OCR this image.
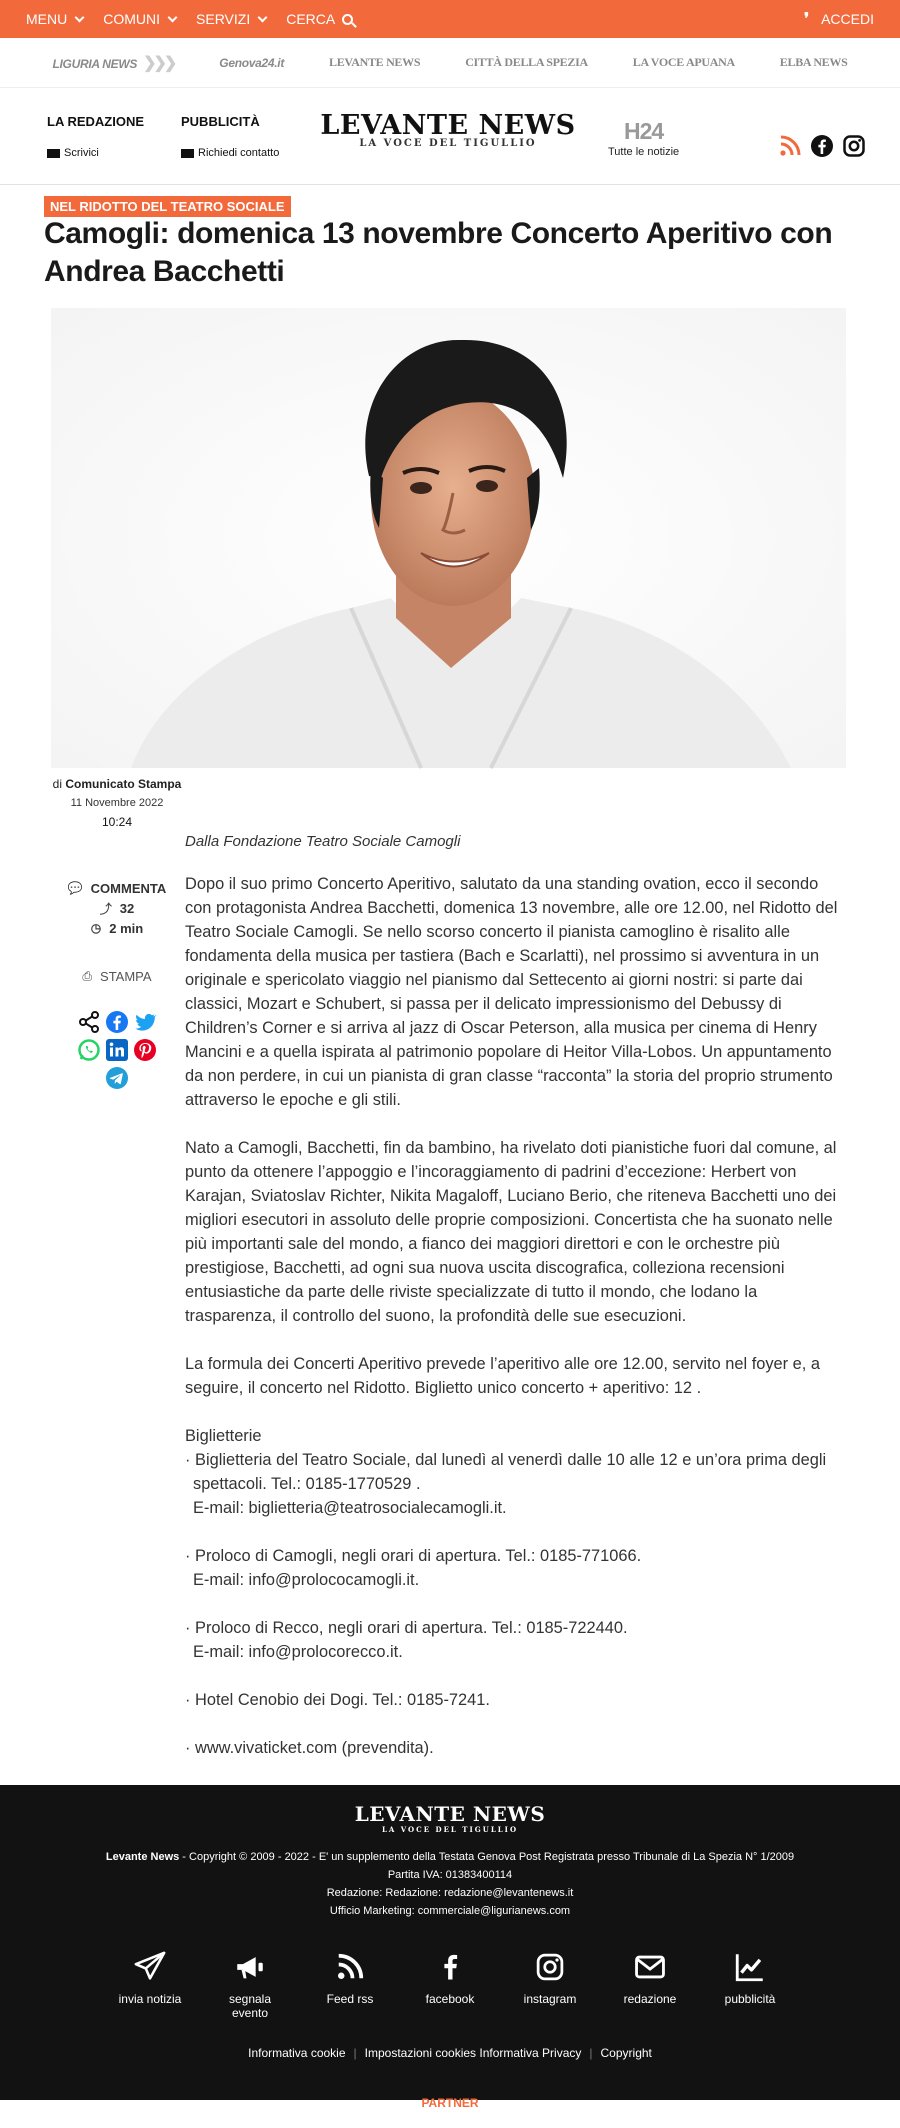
MENU	COMUNI	SERVIZI	CERCA	❜ ACCEDI
LIGURIA NEWS ❯❯❯	Genova24.it	LEVANTE NEWS	CITTÀ DELLA SPEZIA	LA VOCE APUANA	ELBA NEWS
LA REDAZIONE
Scrivici
PUBBLICITÀ
Richiedi contatto
LEVANTE NEWS
LA VOCE DEL TIGULLIO	H24
Tutte le notizie
NEL RIDOTTO DEL TEATRO SOCIALE
Camogli: domenica 13 novembre Concerto Aperitivo con Andrea Bacchetti
di Comunicato Stampa
11 Novembre 2022
10:24
💬 COMMENTA
⤴ 32
◷ 2 min
⎙ STAMPA

Dalla Fondazione Teatro Sociale Camogli

Dopo il suo primo Concerto Aperitivo, salutato da una standing ovation, ecco il secondo con protagonista Andrea Bacchetti, domenica 13 novembre, alle ore 12.00, nel Ridotto del Teatro Sociale Camogli. Se nello scorso concerto il pianista camoglino è risalito alle fondamenta della musica per tastiera (Bach e Scarlatti), nel prossimo si avventura in un originale e spericolato viaggio nel pianismo dal Settecento ai giorni nostri: si parte dai classici, Mozart e Schubert, si passa per il delicato impressionismo del Debussy di Children’s Corner e si arriva al jazz di Oscar Peterson, alla musica per cinema di Henry Mancini e a quella ispirata al patrimonio popolare di Heitor Villa-Lobos. Un appuntamento da non perdere, in cui un pianista di gran classe “racconta” la storia del proprio strumento attraverso le epoche e gli stili.

Nato a Camogli, Bacchetti, fin da bambino, ha rivelato doti pianistiche fuori dal comune, al punto da ottenere l’appoggio e l’incoraggiamento di padrini d’eccezione: Herbert von Karajan, Sviatoslav Richter, Nikita Magaloff, Luciano Berio, che riteneva Bacchetti uno dei migliori esecutori in assoluto delle proprie composizioni. Concertista che ha suonato nelle più importanti sale del mondo, a fianco dei maggiori direttori e con le orchestre più prestigiose, Bacchetti, ad ogni sua nuova uscita discografica, colleziona recensioni entusiastiche da parte delle riviste specializzate di tutto il mondo, che lodano la trasparenza, il controllo del suono, la profondità delle sue esecuzioni.

La formula dei Concerti Aperitivo prevede l’aperitivo alle ore 12.00, servito nel foyer e, a seguire, il concerto nel Ridotto. Biglietto unico concerto + aperitivo: 12 .

Biglietterie

· Biglietteria del Teatro Sociale, dal lunedì al venerdì dalle 10 alle 12 e un’ora prima degli

spettacoli. Tel.: 0185-1770529 .

E-mail: biglietteria@teatrosocialecamogli.it.

· Proloco di Camogli, negli orari di apertura. Tel.: 0185-771066.

E-mail: info@prolococamogli.it.

· Proloco di Recco, negli orari di apertura. Tel.: 0185-722440.

E-mail: info@prolocorecco.it.

· Hotel Cenobio dei Dogi. Tel.: 0185-7241.

· www.vivaticket.com (prevendita).

LEVANTE NEWS
LA VOCE DEL TIGULLIO
Levante News - Copyright © 2009 - 2022 - E' un supplemento della Testata Genova Post Registrata presso Tribunale di La Spezia N° 1/2009
Partita IVA: 01383400114
Redazione: Redazione: redazione@levantenews.it
Ufficio Marketing: commerciale@ligurianews.com
invia notizia	segnala evento
Feed rss	facebook	instagram	redazione	pubblicità
Informativa cookie | Impostazioni cookies Informativa Privacy | Copyright
PARTNER
PressComm Tech
